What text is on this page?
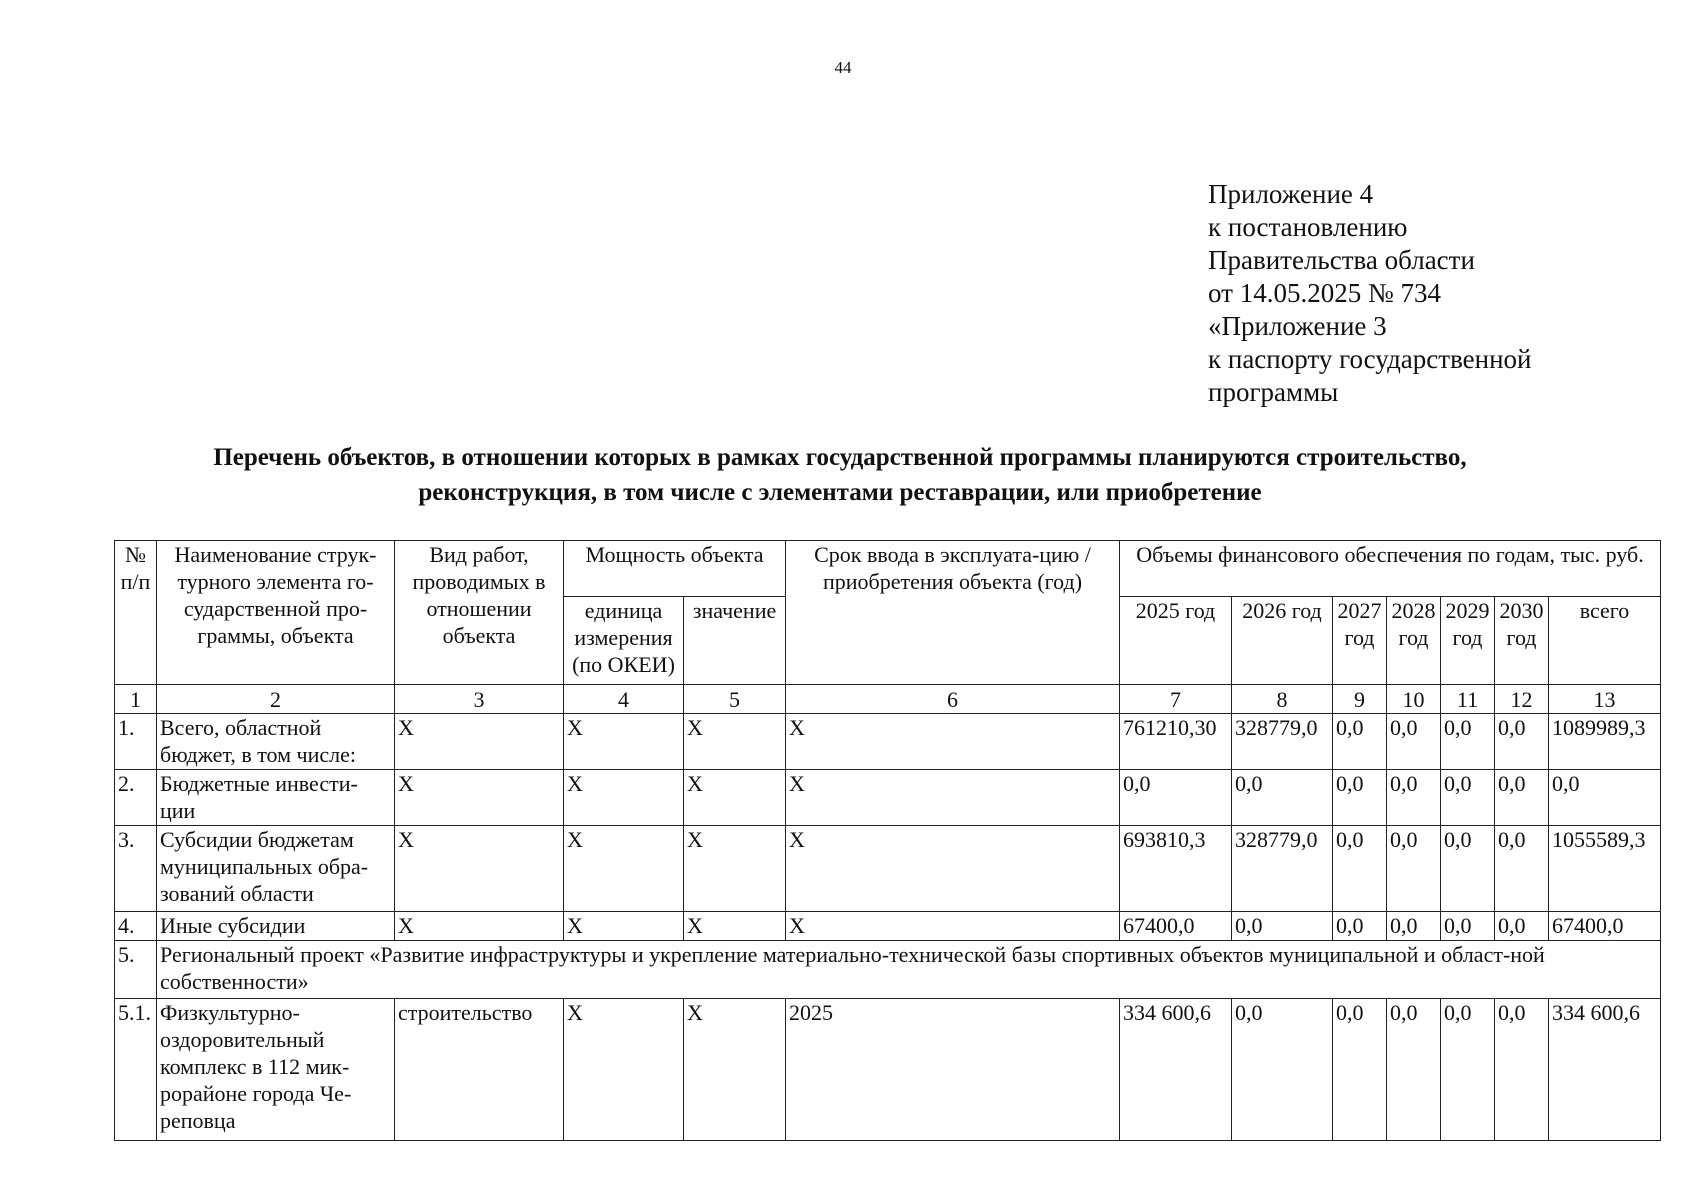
44
Приложение 4
к постановлению
Правительства области
от 14.05.2025 № 734
«Приложение 3
к паспорту государственной
программы
Перечень объектов, в отношении которых в рамках государственной программы планируются строительство,
реконструкция, в том числе с элементами реставрации, или приобретение
№ п/п	Наименование струк-турного элемента го-сударственной про-граммы, объекта	Вид работ, проводимых в отношении объекта	Мощность объекта		Срок ввода в эксплуата-цию / приобретения объекта (год)	Объемы финансового обеспечения по годам, тыс. руб.						
			единица измерения (по ОКЕИ)	значение		2025 год	2026 год	2027 год	2028 год	2029 год	2030 год	всего
1	2	3	4	5	6	7	8	9	10	11	12	13
1.	Всего, областной бюджет, в том числе:	X	X	X	X	761210,30	328779,0	0,0	0,0	0,0	0,0	1089989,3
2.	Бюджетные инвести-ции	X	X	X	X	0,0	0,0	0,0	0,0	0,0	0,0	0,0
3.	Субсидии бюджетам муниципальных обра-зований области	X	X	X	X	693810,3	328779,0	0,0	0,0	0,0	0,0	1055589,3
4.	Иные субсидии	X	X	X	X	67400,0	0,0	0,0	0,0	0,0	0,0	67400,0
5.	Региональный проект «Развитие инфраструктуры и укрепление материально-технической базы спортивных объектов муниципальной и област-ной собственности»											
5.1.	Физкультурно-оздоровительный комплекс в 112 мик-рорайоне города Че-реповца	строительство	X	X	2025	334 600,6	0,0	0,0	0,0	0,0	0,0	334 600,6
